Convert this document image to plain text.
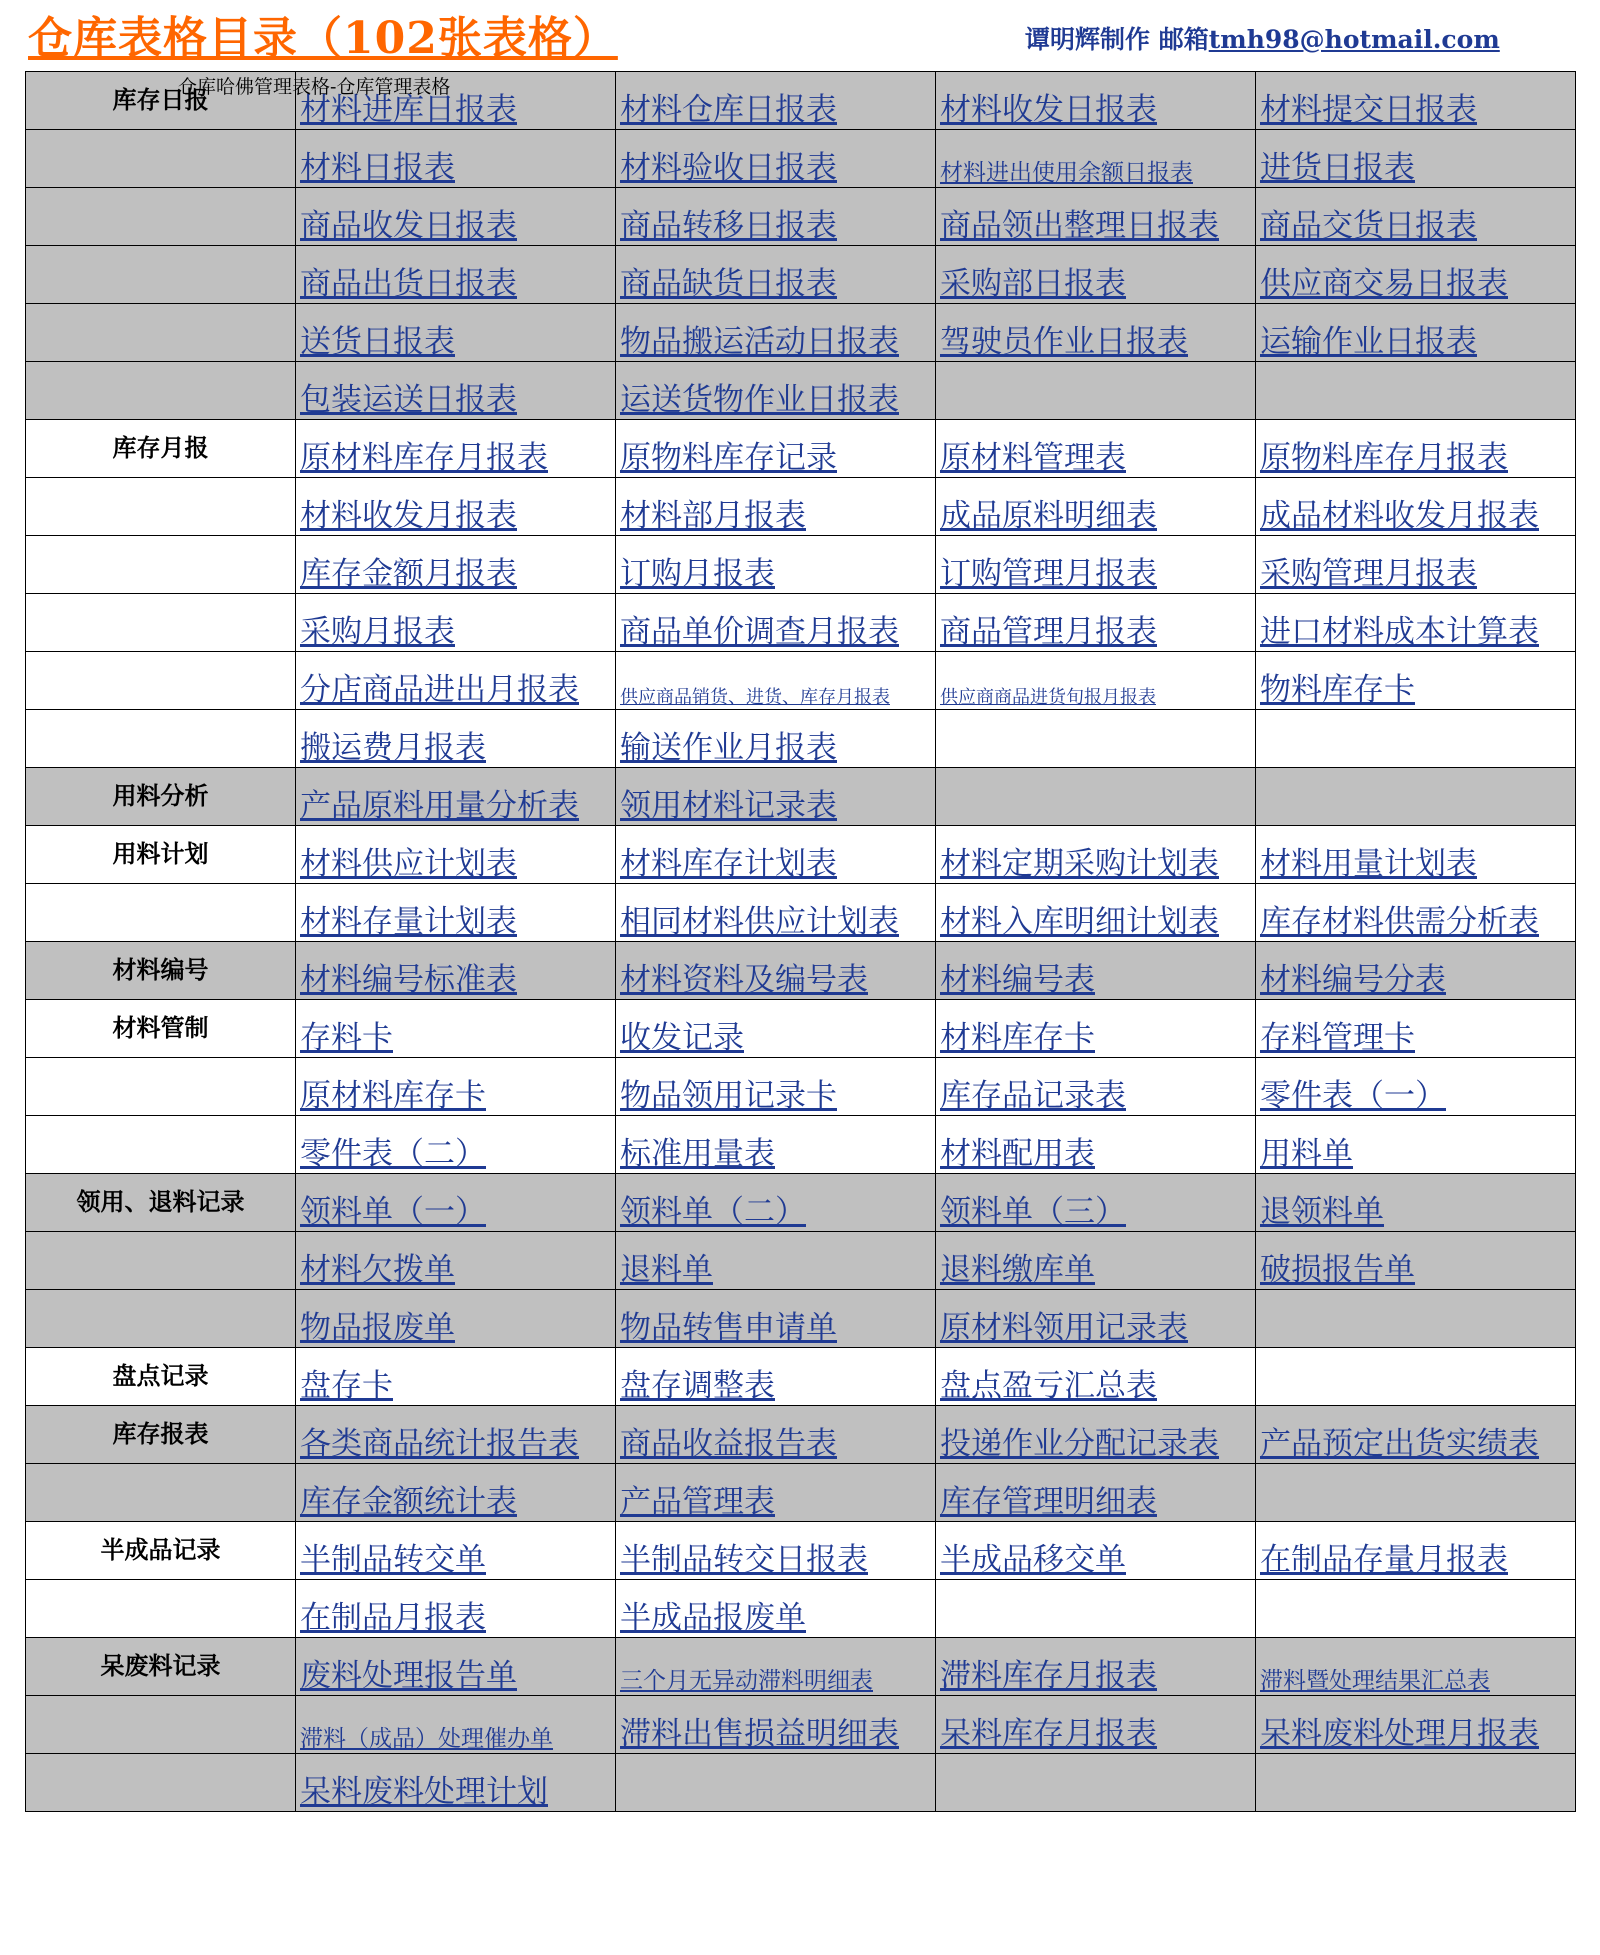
仓库表格目录（102张表格）	谭明辉制作 邮箱tmh98@hotmail.com
仓库哈佛管理表格-仓库管理表格
库存日报	材料进库日报表	材料仓库日报表	材料收发日报表	材料提交日报表
	材料日报表	材料验收日报表	材料进出使用余额日报表	进货日报表
	商品收发日报表	商品转移日报表	商品领出整理日报表	商品交货日报表
	商品出货日报表	商品缺货日报表	采购部日报表	供应商交易日报表
	送货日报表	物品搬运活动日报表	驾驶员作业日报表	运输作业日报表
	包装运送日报表	运送货物作业日报表		
库存月报	原材料库存月报表	原物料库存记录	原材料管理表	原物料库存月报表
	材料收发月报表	材料部月报表	成品原料明细表	成品材料收发月报表
	库存金额月报表	订购月报表	订购管理月报表	采购管理月报表
	采购月报表	商品单价调查月报表	商品管理月报表	进口材料成本计算表
	分店商品进出月报表	供应商品销货、进货、库存月报表	供应商商品进货旬报月报表	物料库存卡
	搬运费月报表	输送作业月报表		
用料分析	产品原料用量分析表	领用材料记录表		
用料计划	材料供应计划表	材料库存计划表	材料定期采购计划表	材料用量计划表
	材料存量计划表	相同材料供应计划表	材料入库明细计划表	库存材料供需分析表
材料编号	材料编号标准表	材料资料及编号表	材料编号表	材料编号分表
材料管制	存料卡	收发记录	材料库存卡	存料管理卡
	原材料库存卡	物品领用记录卡	库存品记录表	零件表（一）
	零件表（二）	标准用量表	材料配用表	用料单
领用、退料记录	领料单（一）	领料单（二）	领料单（三）	退领料单
	材料欠拨单	退料单	退料缴库单	破损报告单
	物品报废单	物品转售申请单	原材料领用记录表	
盘点记录	盘存卡	盘存调整表	盘点盈亏汇总表	
库存报表	各类商品统计报告表	商品收益报告表	投递作业分配记录表	产品预定出货实绩表
	库存金额统计表	产品管理表	库存管理明细表	
半成品记录	半制品转交单	半制品转交日报表	半成品移交单	在制品存量月报表
	在制品月报表	半成品报废单		
呆废料记录	废料处理报告单	三个月无异动滞料明细表	滞料库存月报表	滞料暨处理结果汇总表
	滞料（成品）处理催办单	滞料出售损益明细表	呆料库存月报表	呆料废料处理月报表
	呆料废料处理计划			
